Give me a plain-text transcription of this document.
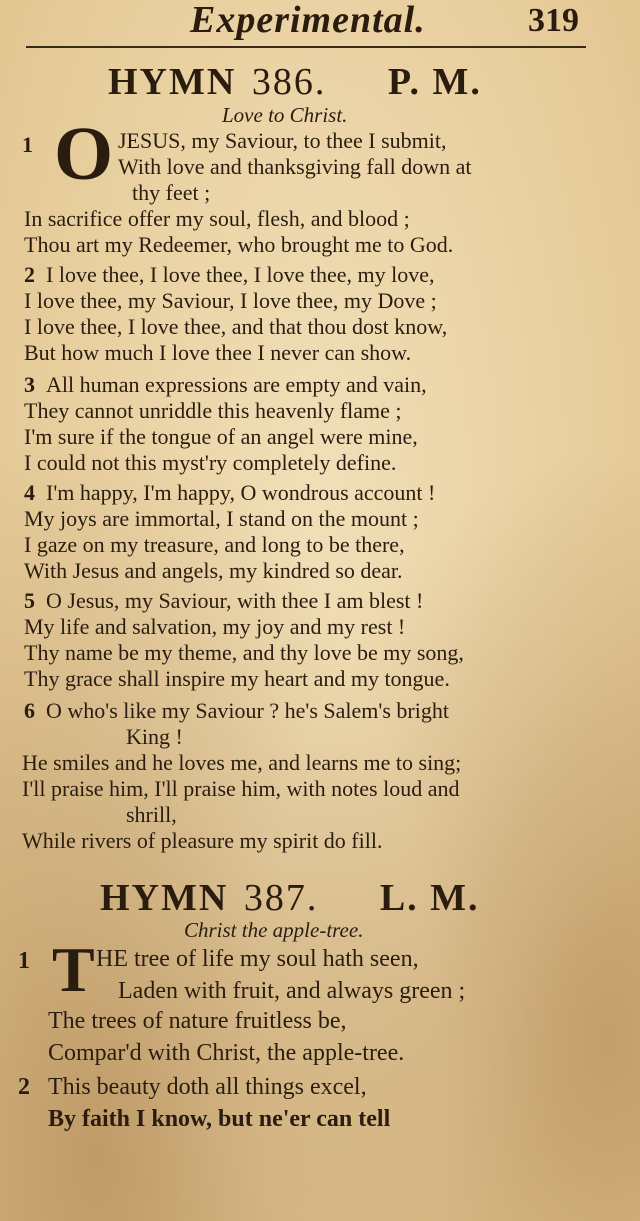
Experimental.	319
HYMN 386. P. M.
Love to Christ.
1 O JESUS, my Saviour, to thee I submit,
With love and thanksgiving fall down at
thy feet ;
In sacrifice offer my soul, flesh, and blood ;
Thou art my Redeemer, who brought me to God.
2 I love thee, I love thee, I love thee, my love,
I love thee, my Saviour, I love thee, my Dove ;
I love thee, I love thee, and that thou dost know,
But how much I love thee I never can show.
3 All human expressions are empty and vain,
They cannot unriddle this heavenly flame ;
I'm sure if the tongue of an angel were mine,
I could not this myst'ry completely define.
4 I'm happy, I'm happy, O wondrous account !
My joys are immortal, I stand on the mount ;
I gaze on my treasure, and long to be there,
With Jesus and angels, my kindred so dear.
5 O Jesus, my Saviour, with thee I am blest !
My life and salvation, my joy and my rest !
Thy name be my theme, and thy love be my song,
Thy grace shall inspire my heart and my tongue.
6 O who's like my Saviour ? he's Salem's bright
King !
He smiles and he loves me, and learns me to sing;
I'll praise him, I'll praise him, with notes loud and
shrill,
While rivers of pleasure my spirit do fill.
HYMN 387. L. M.
Christ the apple-tree.
1 T HE tree of life my soul hath seen,
Laden with fruit, and always green ;
The trees of nature fruitless be,
Compar'd with Christ, the apple-tree.
2 This beauty doth all things excel,
By faith I know, but ne'er can tell
